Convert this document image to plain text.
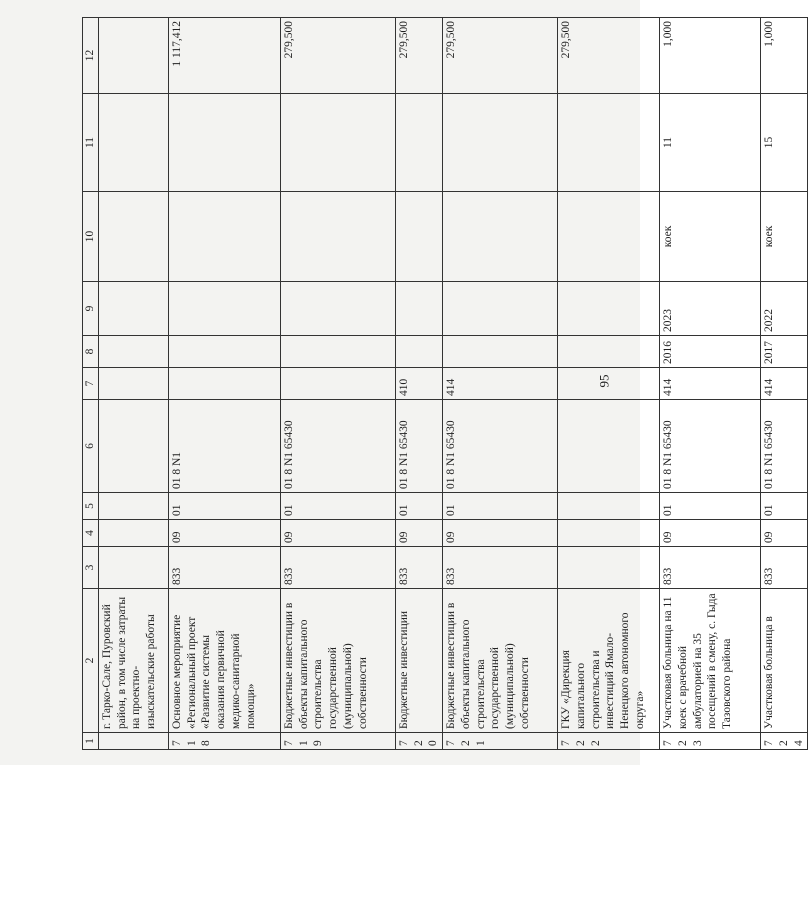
95
1	2	3	4	5	6	7	8	9	10	11	12
	г. Тарко-Сале, Пуровский район, в том числе затраты на проектно-изыскательские работы										
718	Основное мероприятие «Региональный проект «Развитие системы оказания первичной медико-санитарной помощи»	833	09	01	01 8 N1						1 117,412
719	Бюджетные инвестиции в объекты капитального строительства государственной (муниципальной) собственности	833	09	01	01 8 N1 65430						279,500
720	Бюджетные инвестиции	833	09	01	01 8 N1 65430	410					279,500
721	Бюджетные инвестиции в объекты капитального строительства государственной (муниципальной) собственности	833	09	01	01 8 N1 65430	414					279,500
722	ГКУ «Дирекция капитального строительства и инвестиций Ямало-Ненецкого автономного округа»										279,500
723	Участковая больница на 11 коек с врачебной амбулаторией на 35 посещений в смену, с. Гыда Тазовского района	833	09	01	01 8 N1 65430	414	2016	2023	коек	11	1,000
724	Участковая больница в	833	09	01	01 8 N1 65430	414	2017	2022	коек	15	1,000
